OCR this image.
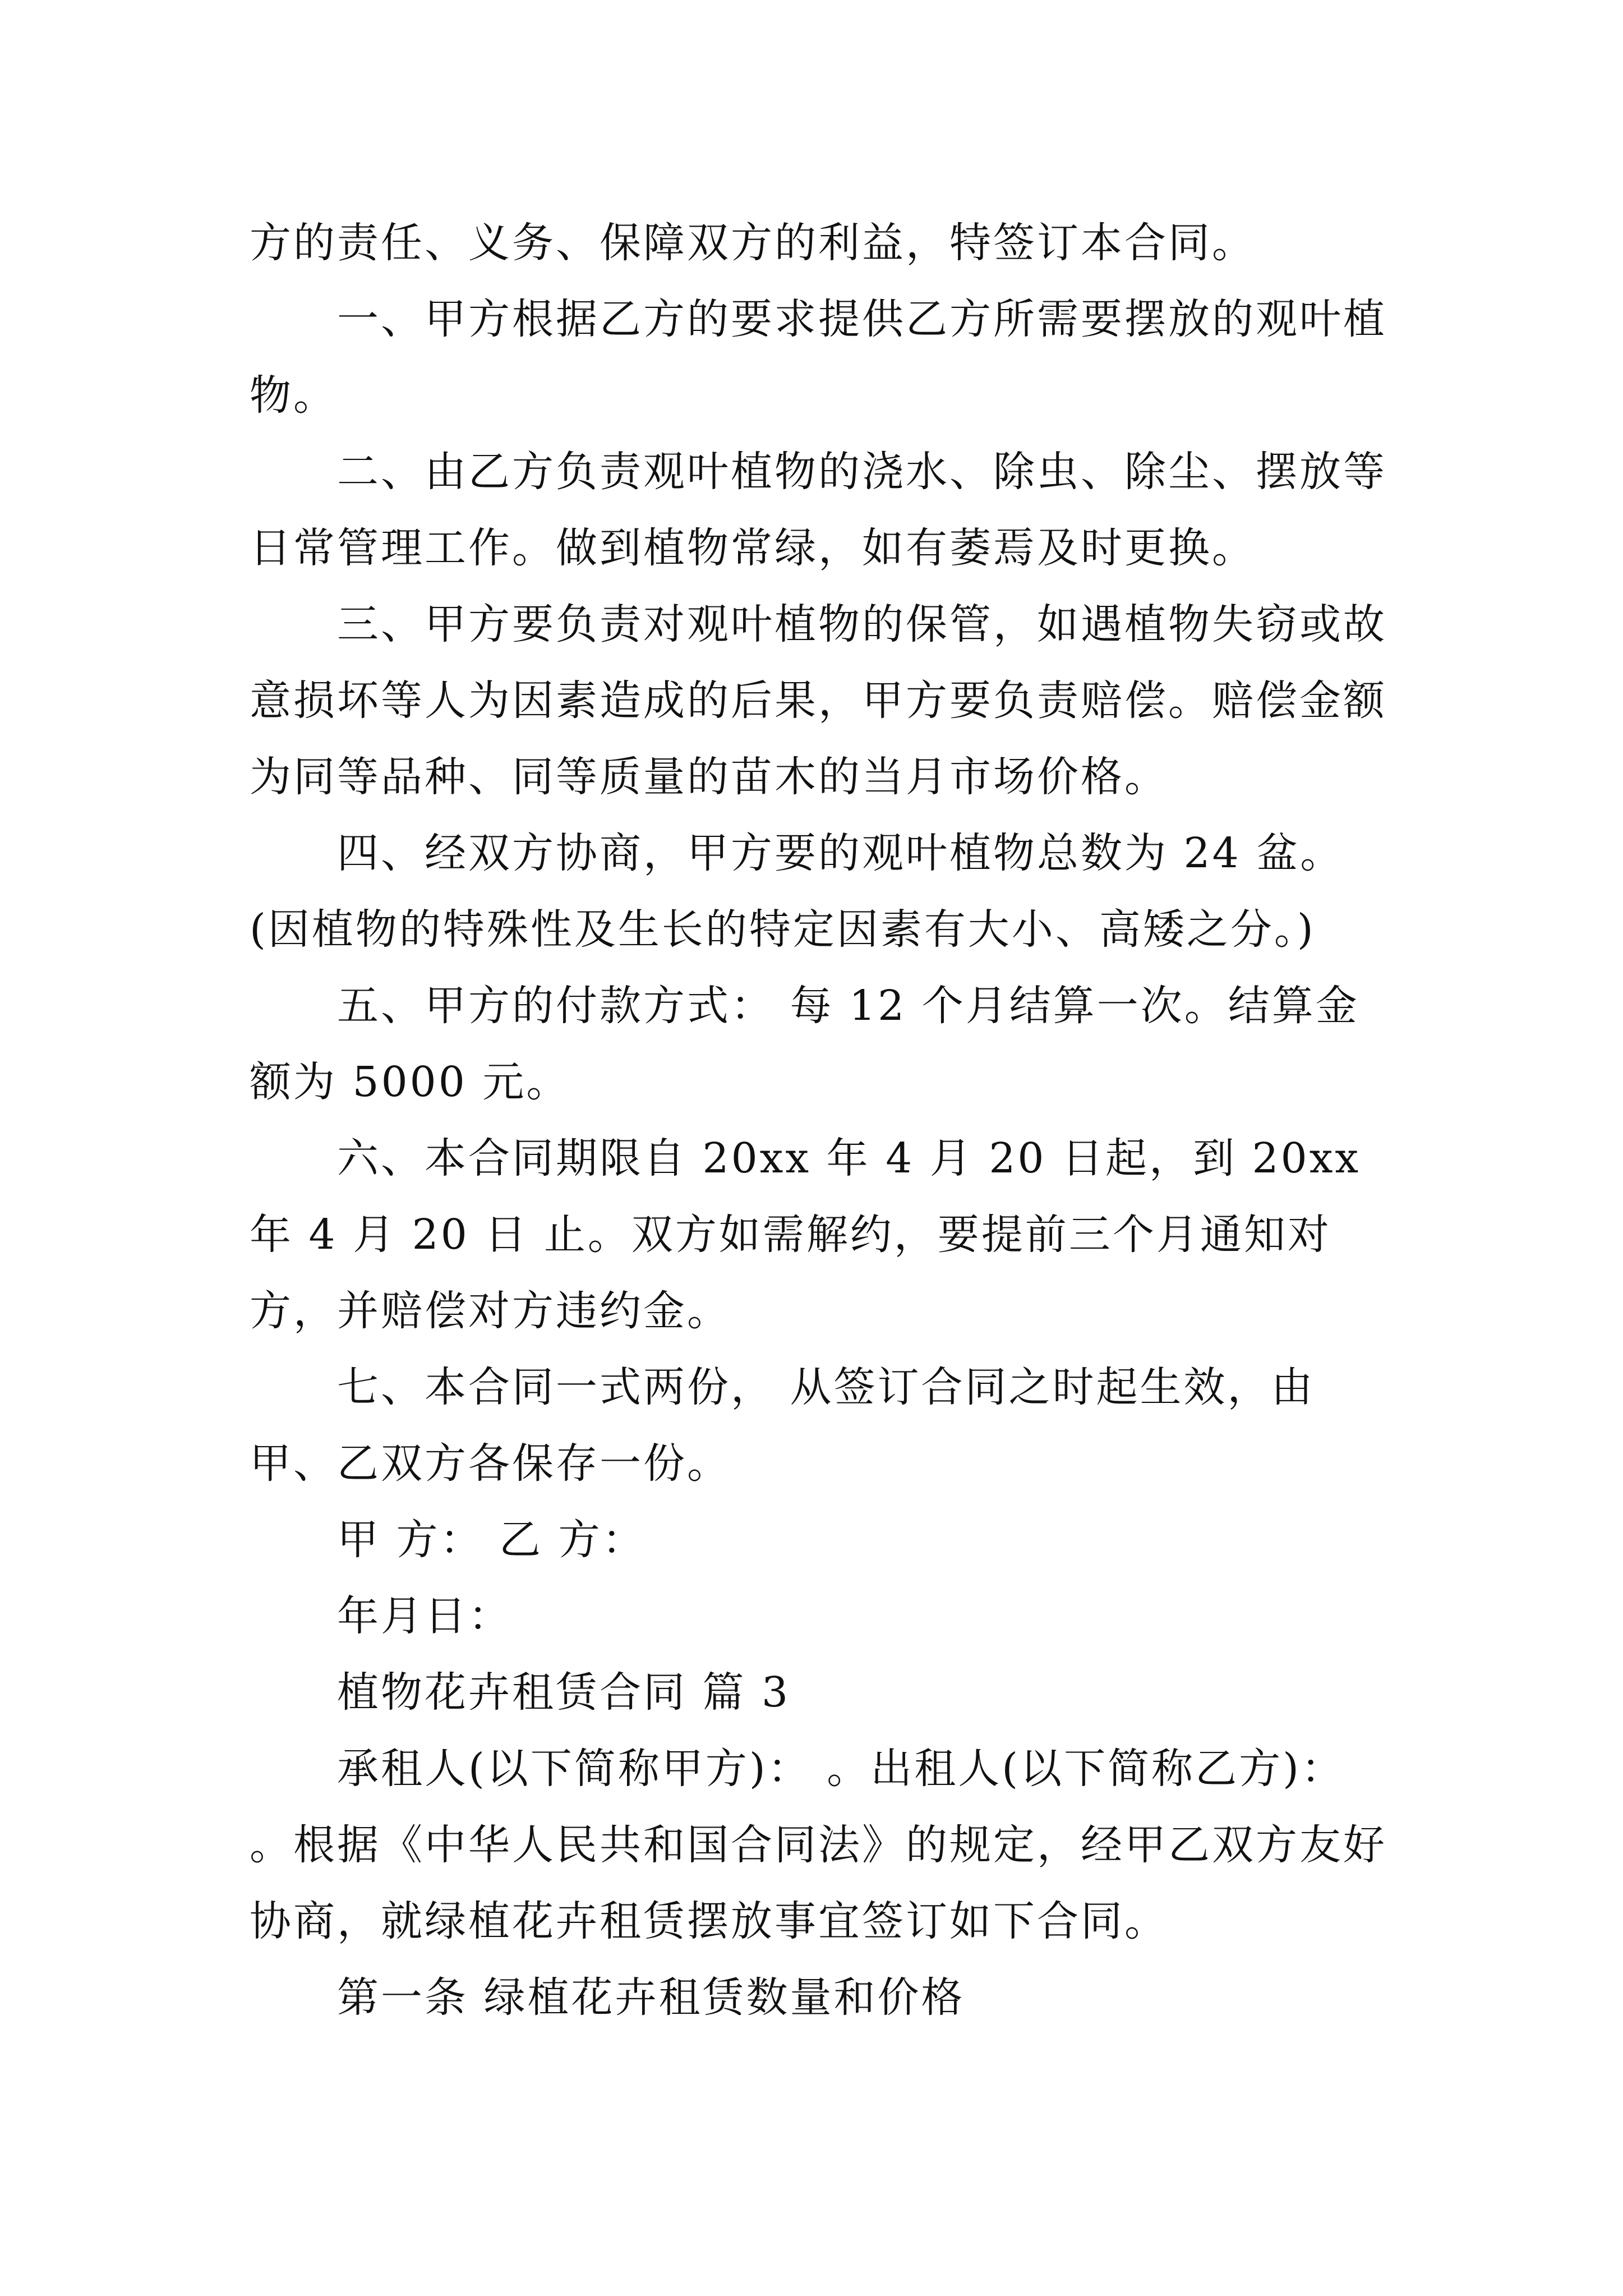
方的责任、义务、保障双方的利益，特签订本合同。

一、甲方根据乙方的要求提供乙方所需要摆放的观叶植物。

二、由乙方负责观叶植物的浇水、除虫、除尘、摆放等日常管理工作。做到植物常绿，如有萎焉及时更换。

三、甲方要负责对观叶植物的保管，如遇植物失窃或故意损坏等人为因素造成的后果，甲方要负责赔偿。赔偿金额为同等品种、同等质量的苗木的当月市场价格。

四、经双方协商，甲方要的观叶植物总数为 24 盆。(因植物的特殊性及生长的特定因素有大小、高矮之分。)

五、甲方的付款方式： 每 12 个月结算一次。结算金额为 5000 元。

六、本合同期限自 20xx 年 4 月 20 日起，到 20xx 年 4 月 20 日 止。双方如需解约，要提前三个月通知对方，并赔偿对方违约金。

七、本合同一式两份， 从签订合同之时起生效，由甲、乙双方各保存一份。

甲 方： 乙 方：

年月日：

植物花卉租赁合同 篇 3

承租人(以下简称甲方)： 。出租人(以下简称乙方)： 。根据《中华人民共和国合同法》的规定，经甲乙双方友好协商，就绿植花卉租赁摆放事宜签订如下合同。

第一条 绿植花卉租赁数量和价格
